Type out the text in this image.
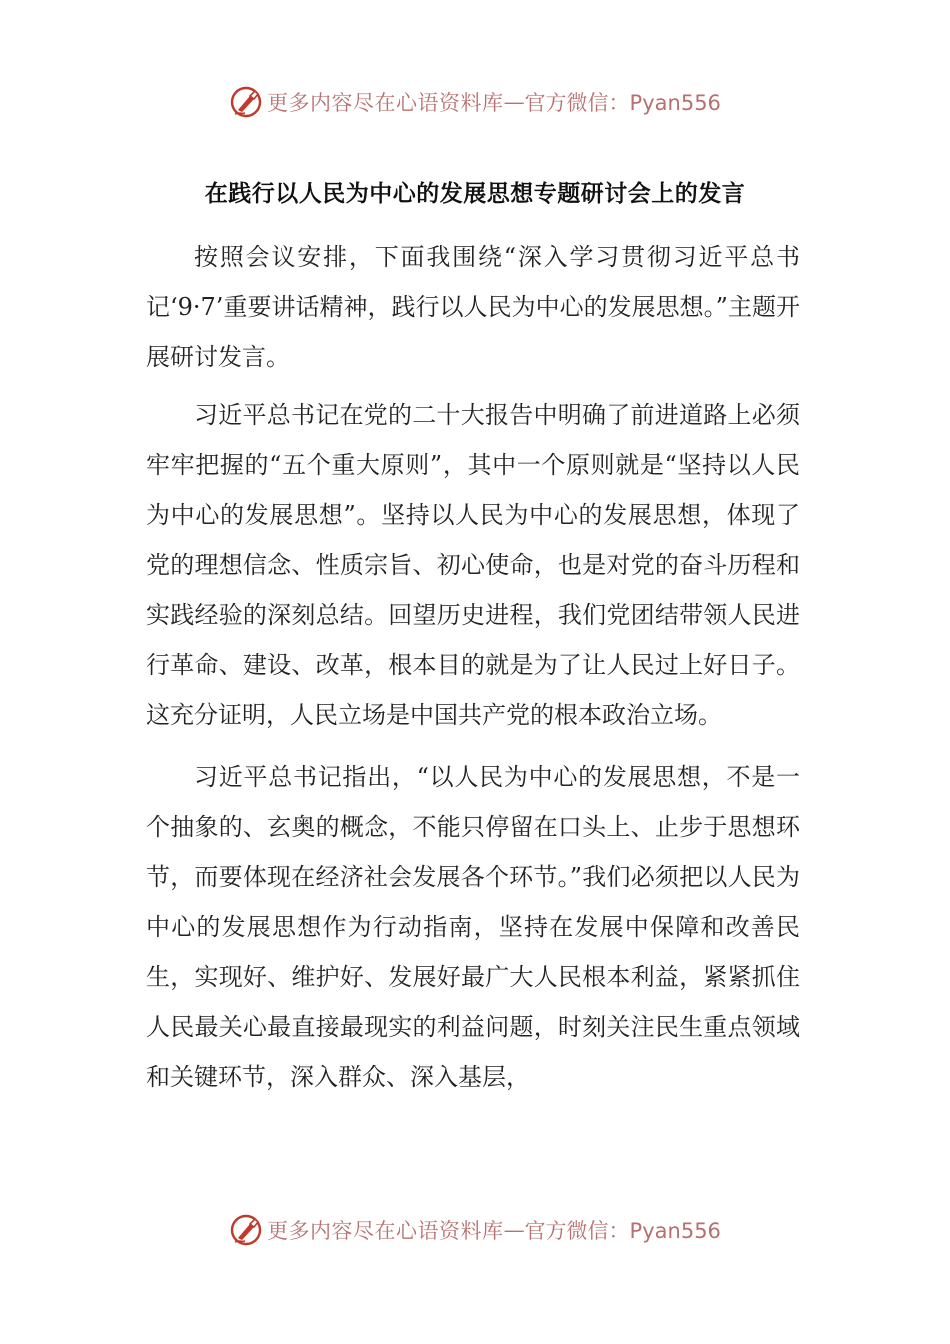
更多内容尽在心语资料库 — 官方微信：Pyan556
在践行以人民为中心的发展思想专题研讨会上的发言

按照会议安排，下面我围绕“深入学习贯彻习近平总书记‘9·7’重要讲话精神，践行以人民为中心的发展思想。”主题开展研讨发言。

习近平总书记在党的二十大报告中明确了前进道路上必须牢牢把握的“五个重大原则”，其中一个原则就是“坚持以人民为中心的发展思想”。坚持以人民为中心的发展思想，体现了党的理想信念、性质宗旨、初心使命，也是对党的奋斗历程和实践经验的深刻总结。回望历史进程，我们党团结带领人民进行革命、建设、改革，根本目的就是为了让人民过上好日子。这充分证明，人民立场是中国共产党的根本政治立场。

习近平总书记指出，“以人民为中心的发展思想，不是一个抽象的、玄奥的概念，不能只停留在口头上、止步于思想环节，而要体现在经济社会发展各个环节。”我们必须把以人民为中心的发展思想作为行动指南，坚持在发展中保障和改善民生，实现好、维护好、发展好最广大人民根本利益，紧紧抓住人民最关心最直接最现实的利益问题，时刻关注民生重点领域和关键环节，深入群众、深入基层，

更多内容尽在心语资料库 — 官方微信：Pyan556
